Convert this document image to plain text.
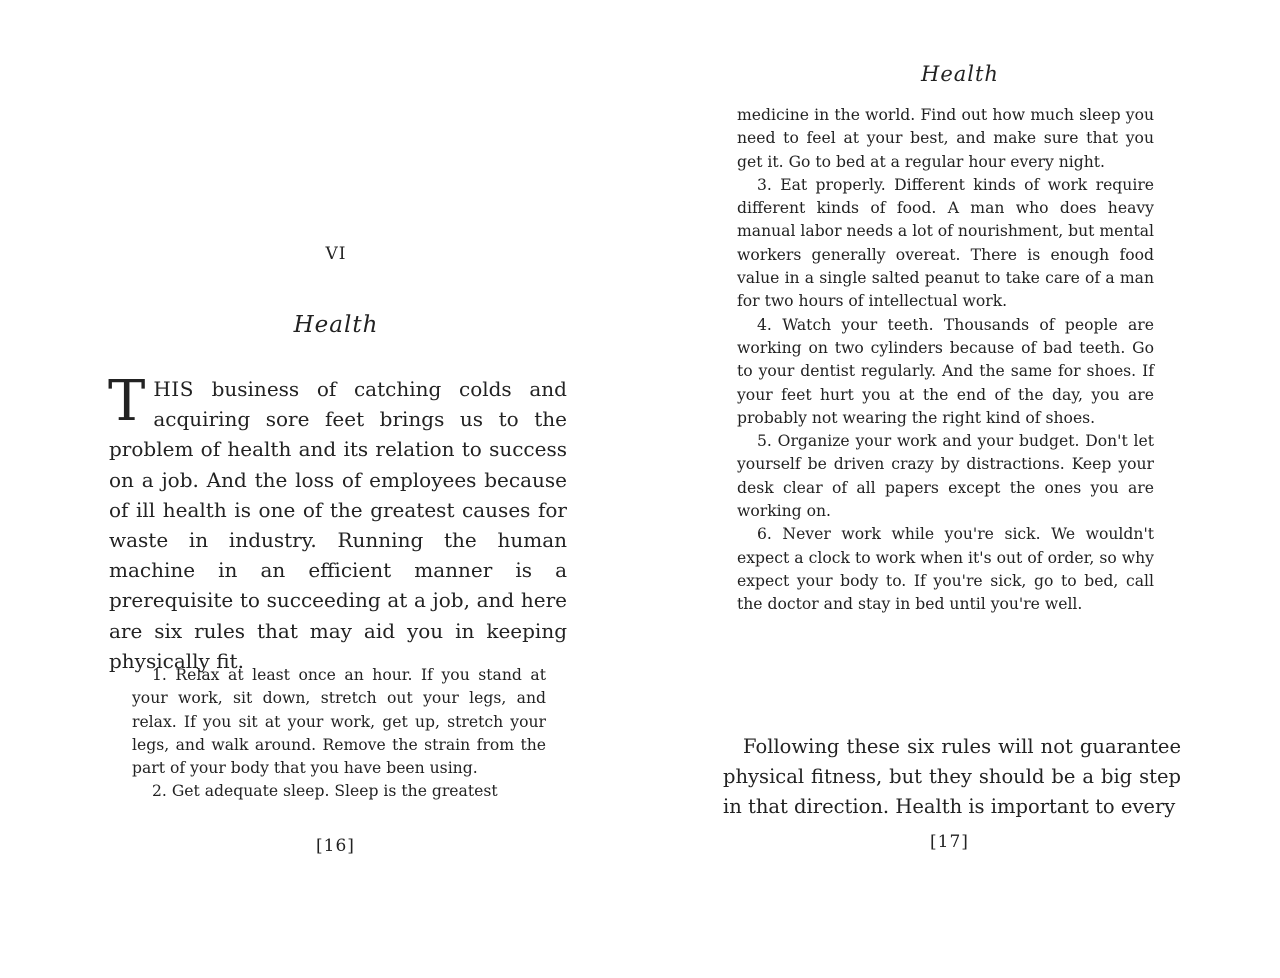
VI
Health
THIS business of catching colds and acquiring sore feet brings us to the problem of health and its relation to success on a job. And the loss of employees because of ill health is one of the greatest causes for waste in industry. Running the human machine in an efficient manner is a prerequisite to succeeding at a job, and here are six rules that may aid you in keeping physically fit.

1. Relax at least once an hour. If you stand at your work, sit down, stretch out your legs, and relax. If you sit at your work, get up, stretch your legs, and walk around. Remove the strain from the part of your body that you have been using.

2. Get adequate sleep. Sleep is the greatest

[16]
Health

medicine in the world. Find out how much sleep you need to feel at your best, and make sure that you get it. Go to bed at a regular hour every night.

3. Eat properly. Different kinds of work require different kinds of food. A man who does heavy manual labor needs a lot of nourishment, but mental workers generally overeat. There is enough food value in a single salted peanut to take care of a man for two hours of intellectual work.

4. Watch your teeth. Thousands of people are working on two cylinders because of bad teeth. Go to your dentist regularly. And the same for shoes. If your feet hurt you at the end of the day, you are probably not wearing the right kind of shoes.

5. Organize your work and your budget. Don't let yourself be driven crazy by distractions. Keep your desk clear of all papers except the ones you are working on.

6. Never work while you're sick. We wouldn't expect a clock to work when it's out of order, so why expect your body to. If you're sick, go to bed, call the doctor and stay in bed until you're well.

Following these six rules will not guarantee physical fitness, but they should be a big step in that direction. Health is important to every

[17]
